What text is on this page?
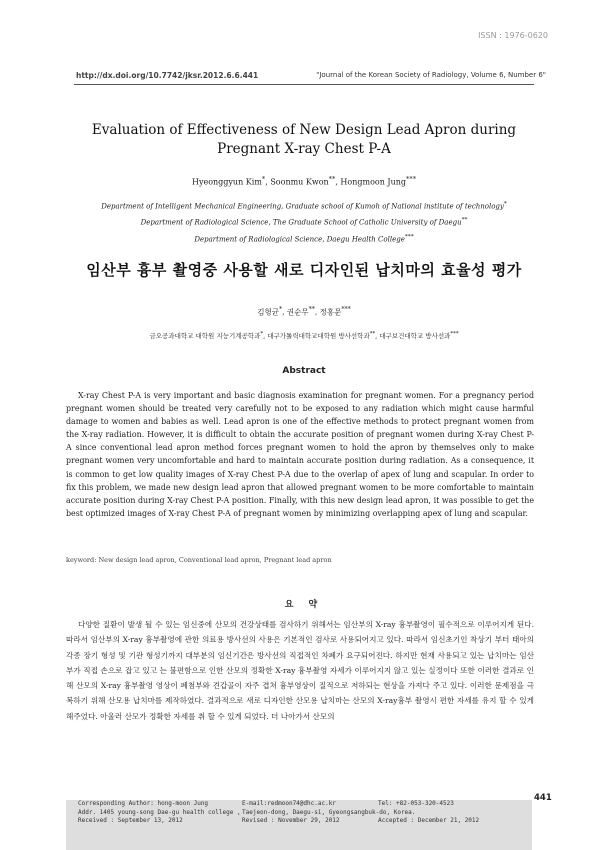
ISSN : 1976-0620
http://dx.doi.org/10.7742/jksr.2012.6.6.441	"Journal of the Korean Society of Radiology, Volume 6, Number 6"
Evaluation of Effectiveness of New Design Lead Apron during
Pregnant X-ray Chest P-A
Hyeonggyun Kim*, Soonmu Kwon**, Hongmoon Jung***
Department of Intelligent Mechanical Engineering, Graduate school of Kumoh of National institute of technology*
Department of Radiological Science, The Graduate School of Catholic University of Daegu**
Department of Radiological Science, Daegu Health College***
임산부 흉부 촬영중 사용할 새로 디자인된 납치마의 효율성 평가
김형균*, 권순무**, 정홍문***
금오공과대학교 대학원 지능기계공학과*, 대구가톨릭대학교대학원 방사선학과**, 대구보건대학교 방사선과***
Abstract

X-ray Chest P-A is very important and basic diagnosis examination for pregnant women. For a pregnancy period pregnant women should be treated very carefully not to be exposed to any radiation which might cause harmful damage to women and babies as well. Lead apron is one of the effective methods to protect pregnant women from the X-ray radiation. However, it is difficult to obtain the accurate position of pregnant women during X-ray Chest P-A since conventional lead apron method forces pregnant women to hold the apron by themselves only to make pregnant women very uncomfortable and hard to maintain accurate position during radiation. As a consequence, it is common to get low quality images of X-ray Chest P-A due to the overlap of apex of lung and scapular. In order to fix this problem, we made new design lead apron that allowed pregnant women to be more comfortable to maintain accurate position during X-ray Chest P-A position. Finally, with this new design lead apron, it was possible to get the best optimized images of X-ray Chest P-A of pregnant women by minimizing overlapping apex of lung and scapular.

keyword: New design lead apron, Conventional lead apron, Pregnant lead apron
요 약

다양한 질환이 발생 될 수 있는 임신중에 산모의 건강상태를 검사하기 위해서는 임산부의 X-ray 흉부촬영이 필수적으로 이루어지게 된다. 따라서 임산부의 X-ray 흉부촬영에 관한 의료용 방사선의 사용은 기본적인 검사로 사용되어지고 있다. 따라서 임신초기인 착상기 부터 태아의 각종 장기 형성 및 기관 형성기까지 대부분의 임신기간은 방사선의 직접적인 차폐가 요구되어진다. 하지만 현재 사용되고 있는 납치마는 임산부가 직접 손으로 잡고 있고 는 불편함으로 인한 산모의 정확한 X-ray 흉부촬영 자세가 이루어지지 않고 있는 실정이다 또한 이러한 결과로 인해 산모의 X-ray 흉부촬영 영상이 폐첨부와 견갑골이 자주 겹쳐 흉부영상이 질적으로 저하되는 현상을 가져다 주고 있다. 이러한 문제점을 극복하기 위해 산모용 납치마를 제작하였다. 결과적으로 새로 디자인한 산모용 납치마는 산모의 X-ray흉부 촬영시 편한 자세를 유지 할 수 있게 해주었다. 아울러 산모가 정확한 자세를 취 할 수 있게 되었다. 더 나아가서 산모의

441
Corresponding Author: hong-moon Jung	E-mail:redmoon74@dhc.ac.kr	Tel: +82-053-320-4523
Addr. 1405 young-song Dae-gu health college , Taejeon-dong, Daegu-si, Gyeongsangbuk-do, Korea.
Received : September 13, 2012	Revised : November 29, 2012	Accepted : December 21, 2012
